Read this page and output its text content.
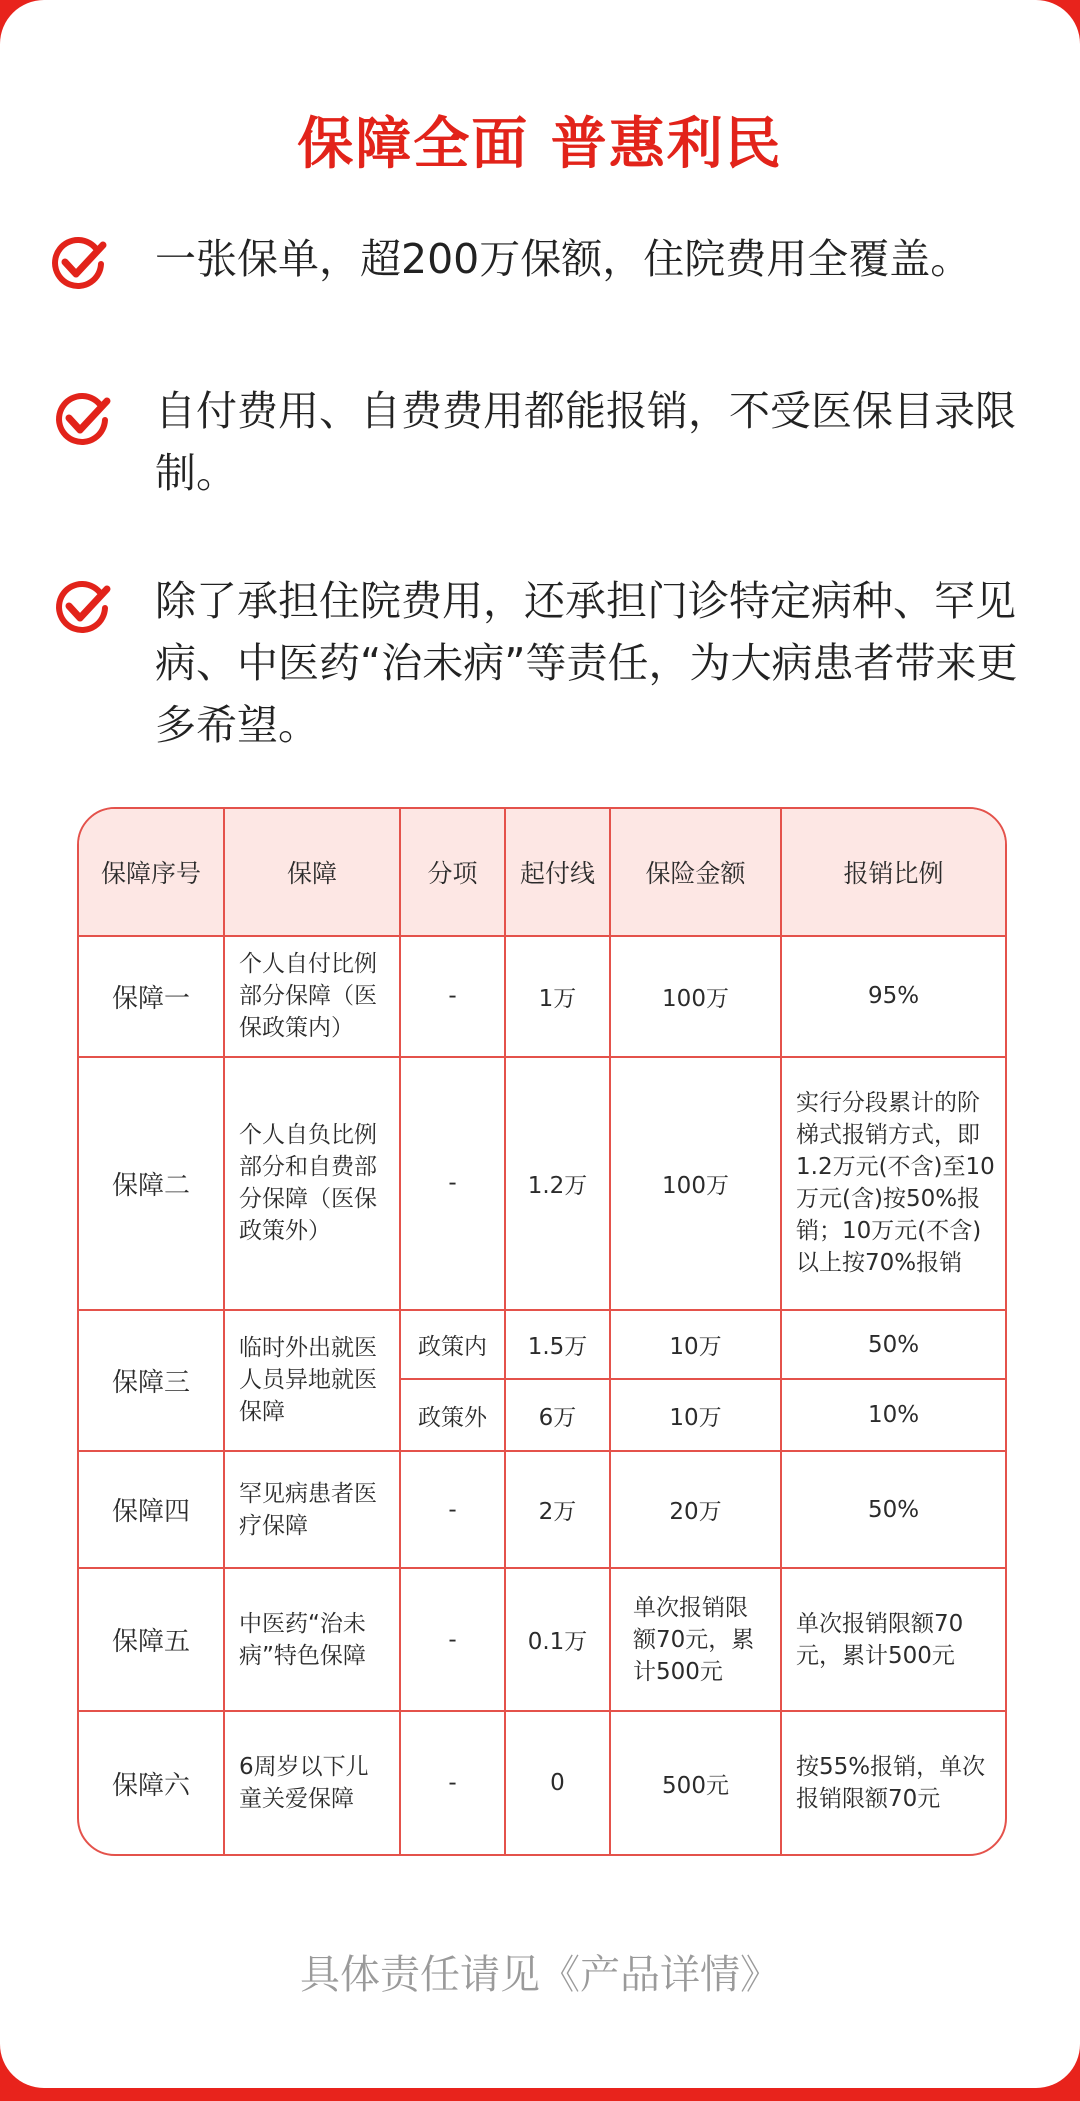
保障全面 普惠利民
一张保单，超200万保额，住院费用全覆盖。
自付费用、自费费用都能报销，不受医保目录限制。
除了承担住院费用，还承担门诊特定病种、罕见病、中医药“治未病”等责任，为大病患者带来更多希望。
保障序号	保障	分项	起付线	保险金额	报销比例
保障一	个人自付比例部分保障（医保政策内）	-	1万	100万	95%
保障二	个人自负比例部分和自费部分保障（医保政策外）	-	1.2万	100万	实行分段累计的阶梯式报销方式，即1.2万元(不含)至10万元(含)按50%报销；10万元(不含)以上按70%报销
保障三	临时外出就医人员异地就医保障	政策内	1.5万	10万	50%
		政策外	6万	10万	10%
保障四	罕见病患者医疗保障	-	2万	20万	50%
保障五	中医药“治未病”特色保障	-	0.1万	单次报销限额70元，累计500元	单次报销限额70元，累计500元
保障六	6周岁以下儿童关爱保障	-	0	500元	按55%报销，单次报销限额70元
具体责任请见《产品详情》
